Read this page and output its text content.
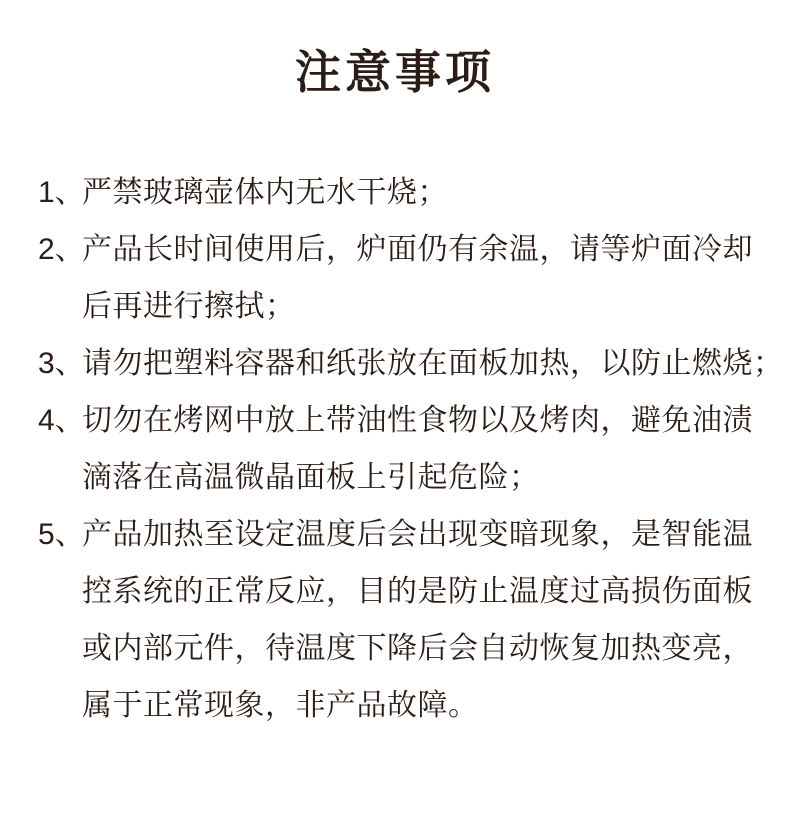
注意事项
1、
严禁玻璃壶体内无水干烧；
2、
产品长时间使用后，炉面仍有余温，请等炉面冷却
后再进行擦拭；
3、
请勿把塑料容器和纸张放在面板加热，以防止燃烧；
4、
切勿在烤网中放上带油性食物以及烤肉，避免油渍
滴落在高温微晶面板上引起危险；
5、
产品加热至设定温度后会出现变暗现象，是智能温
控系统的正常反应，目的是防止温度过高损伤面板
或内部元件，待温度下降后会自动恢复加热变亮，
属于正常现象，非产品故障。
